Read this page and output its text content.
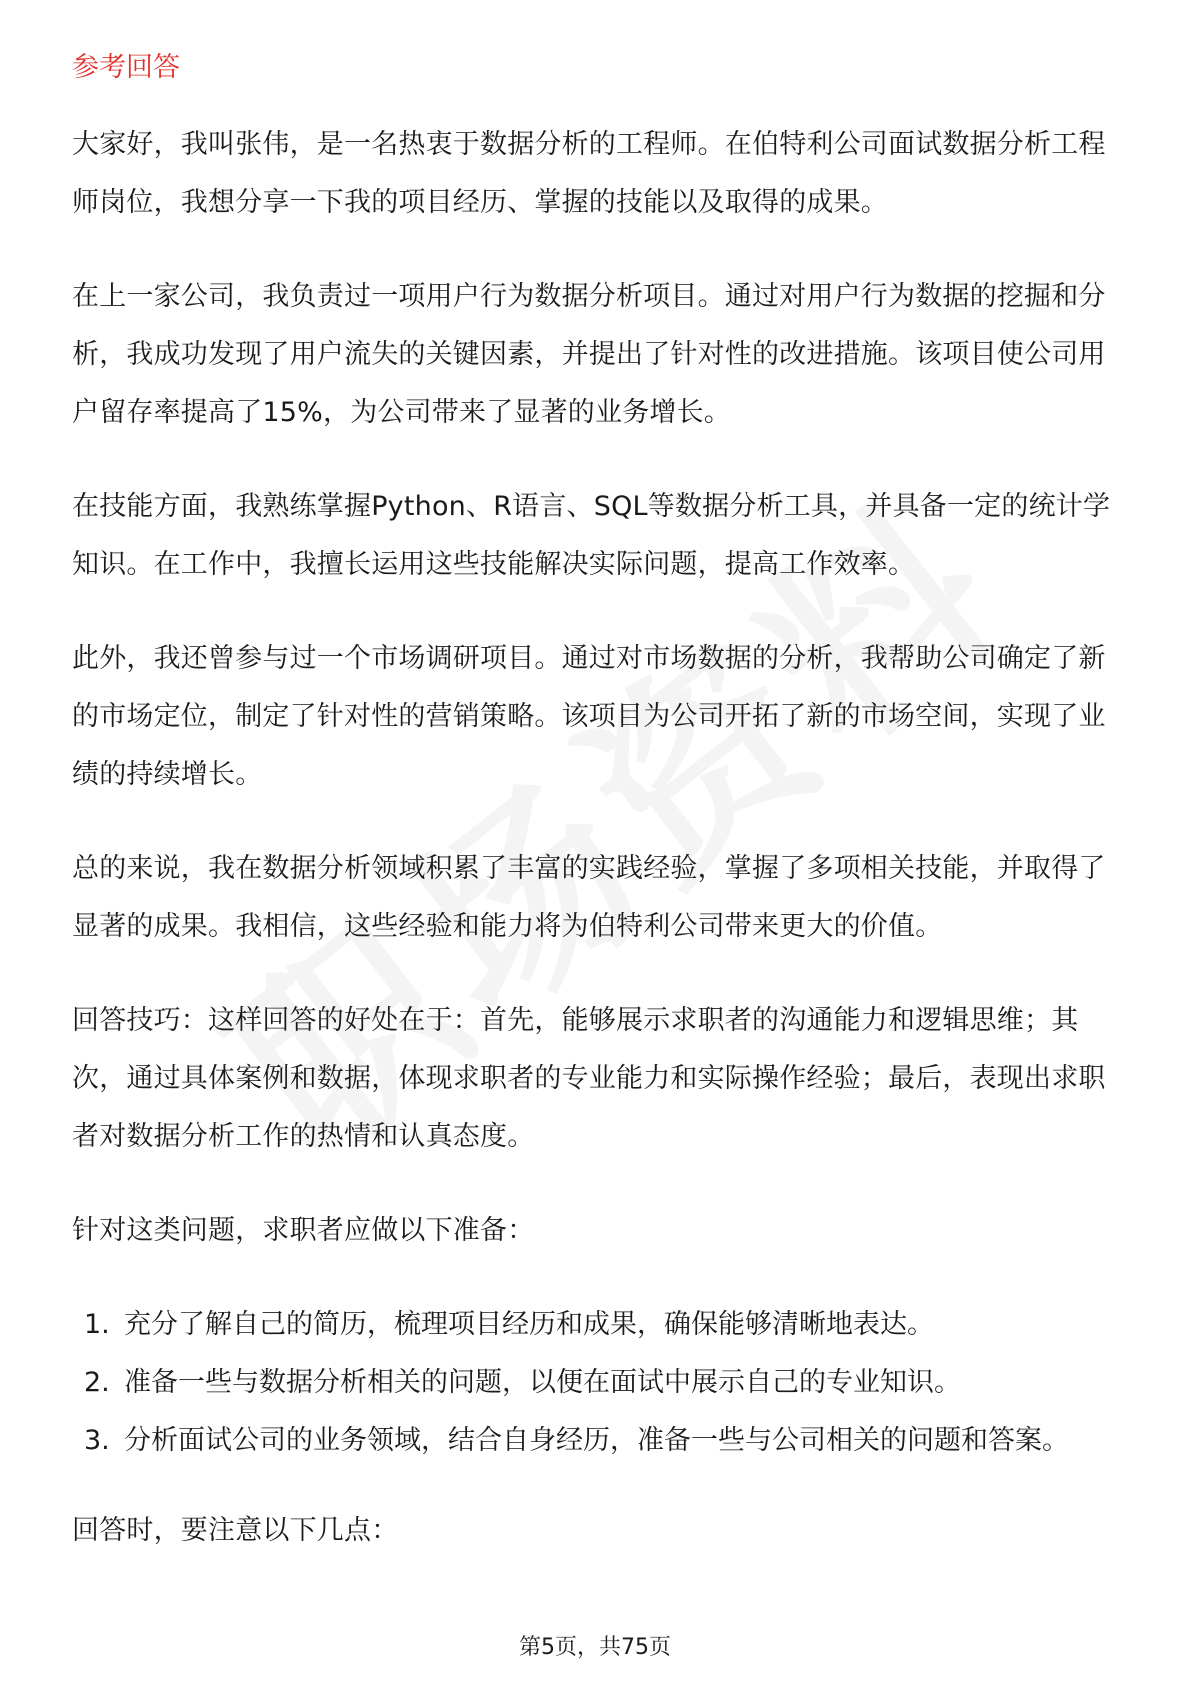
参考回答

大家好，我叫张伟，是一名热衷于数据分析的工程师。在伯特利公司面试数据分析工程师岗位，我想分享一下我的项目经历、掌握的技能以及取得的成果。

在上一家公司，我负责过一项用户行为数据分析项目。通过对用户行为数据的挖掘和分析，我成功发现了用户流失的关键因素，并提出了针对性的改进措施。该项目使公司用户留存率提高了15%，为公司带来了显著的业务增长。

在技能方面，我熟练掌握Python、R语言、SQL等数据分析工具，并具备一定的统计学知识。在工作中，我擅长运用这些技能解决实际问题，提高工作效率。

此外，我还曾参与过一个市场调研项目。通过对市场数据的分析，我帮助公司确定了新的市场定位，制定了针对性的营销策略。该项目为公司开拓了新的市场空间，实现了业绩的持续增长。

总的来说，我在数据分析领域积累了丰富的实践经验，掌握了多项相关技能，并取得了显著的成果。我相信，这些经验和能力将为伯特利公司带来更大的价值。

回答技巧：这样回答的好处在于：首先，能够展示求职者的沟通能力和逻辑思维；其次，通过具体案例和数据，体现求职者的专业能力和实际操作经验；最后，表现出求职者对数据分析工作的热情和认真态度。

针对这类问题，求职者应做以下准备：

1. 充分了解自己的简历，梳理项目经历和成果，确保能够清晰地表达。
2. 准备一些与数据分析相关的问题，以便在面试中展示自己的专业知识。
3. 分析面试公司的业务领域，结合自身经历，准备一些与公司相关的问题和答案。

回答时，要注意以下几点：

第5页，共75页
